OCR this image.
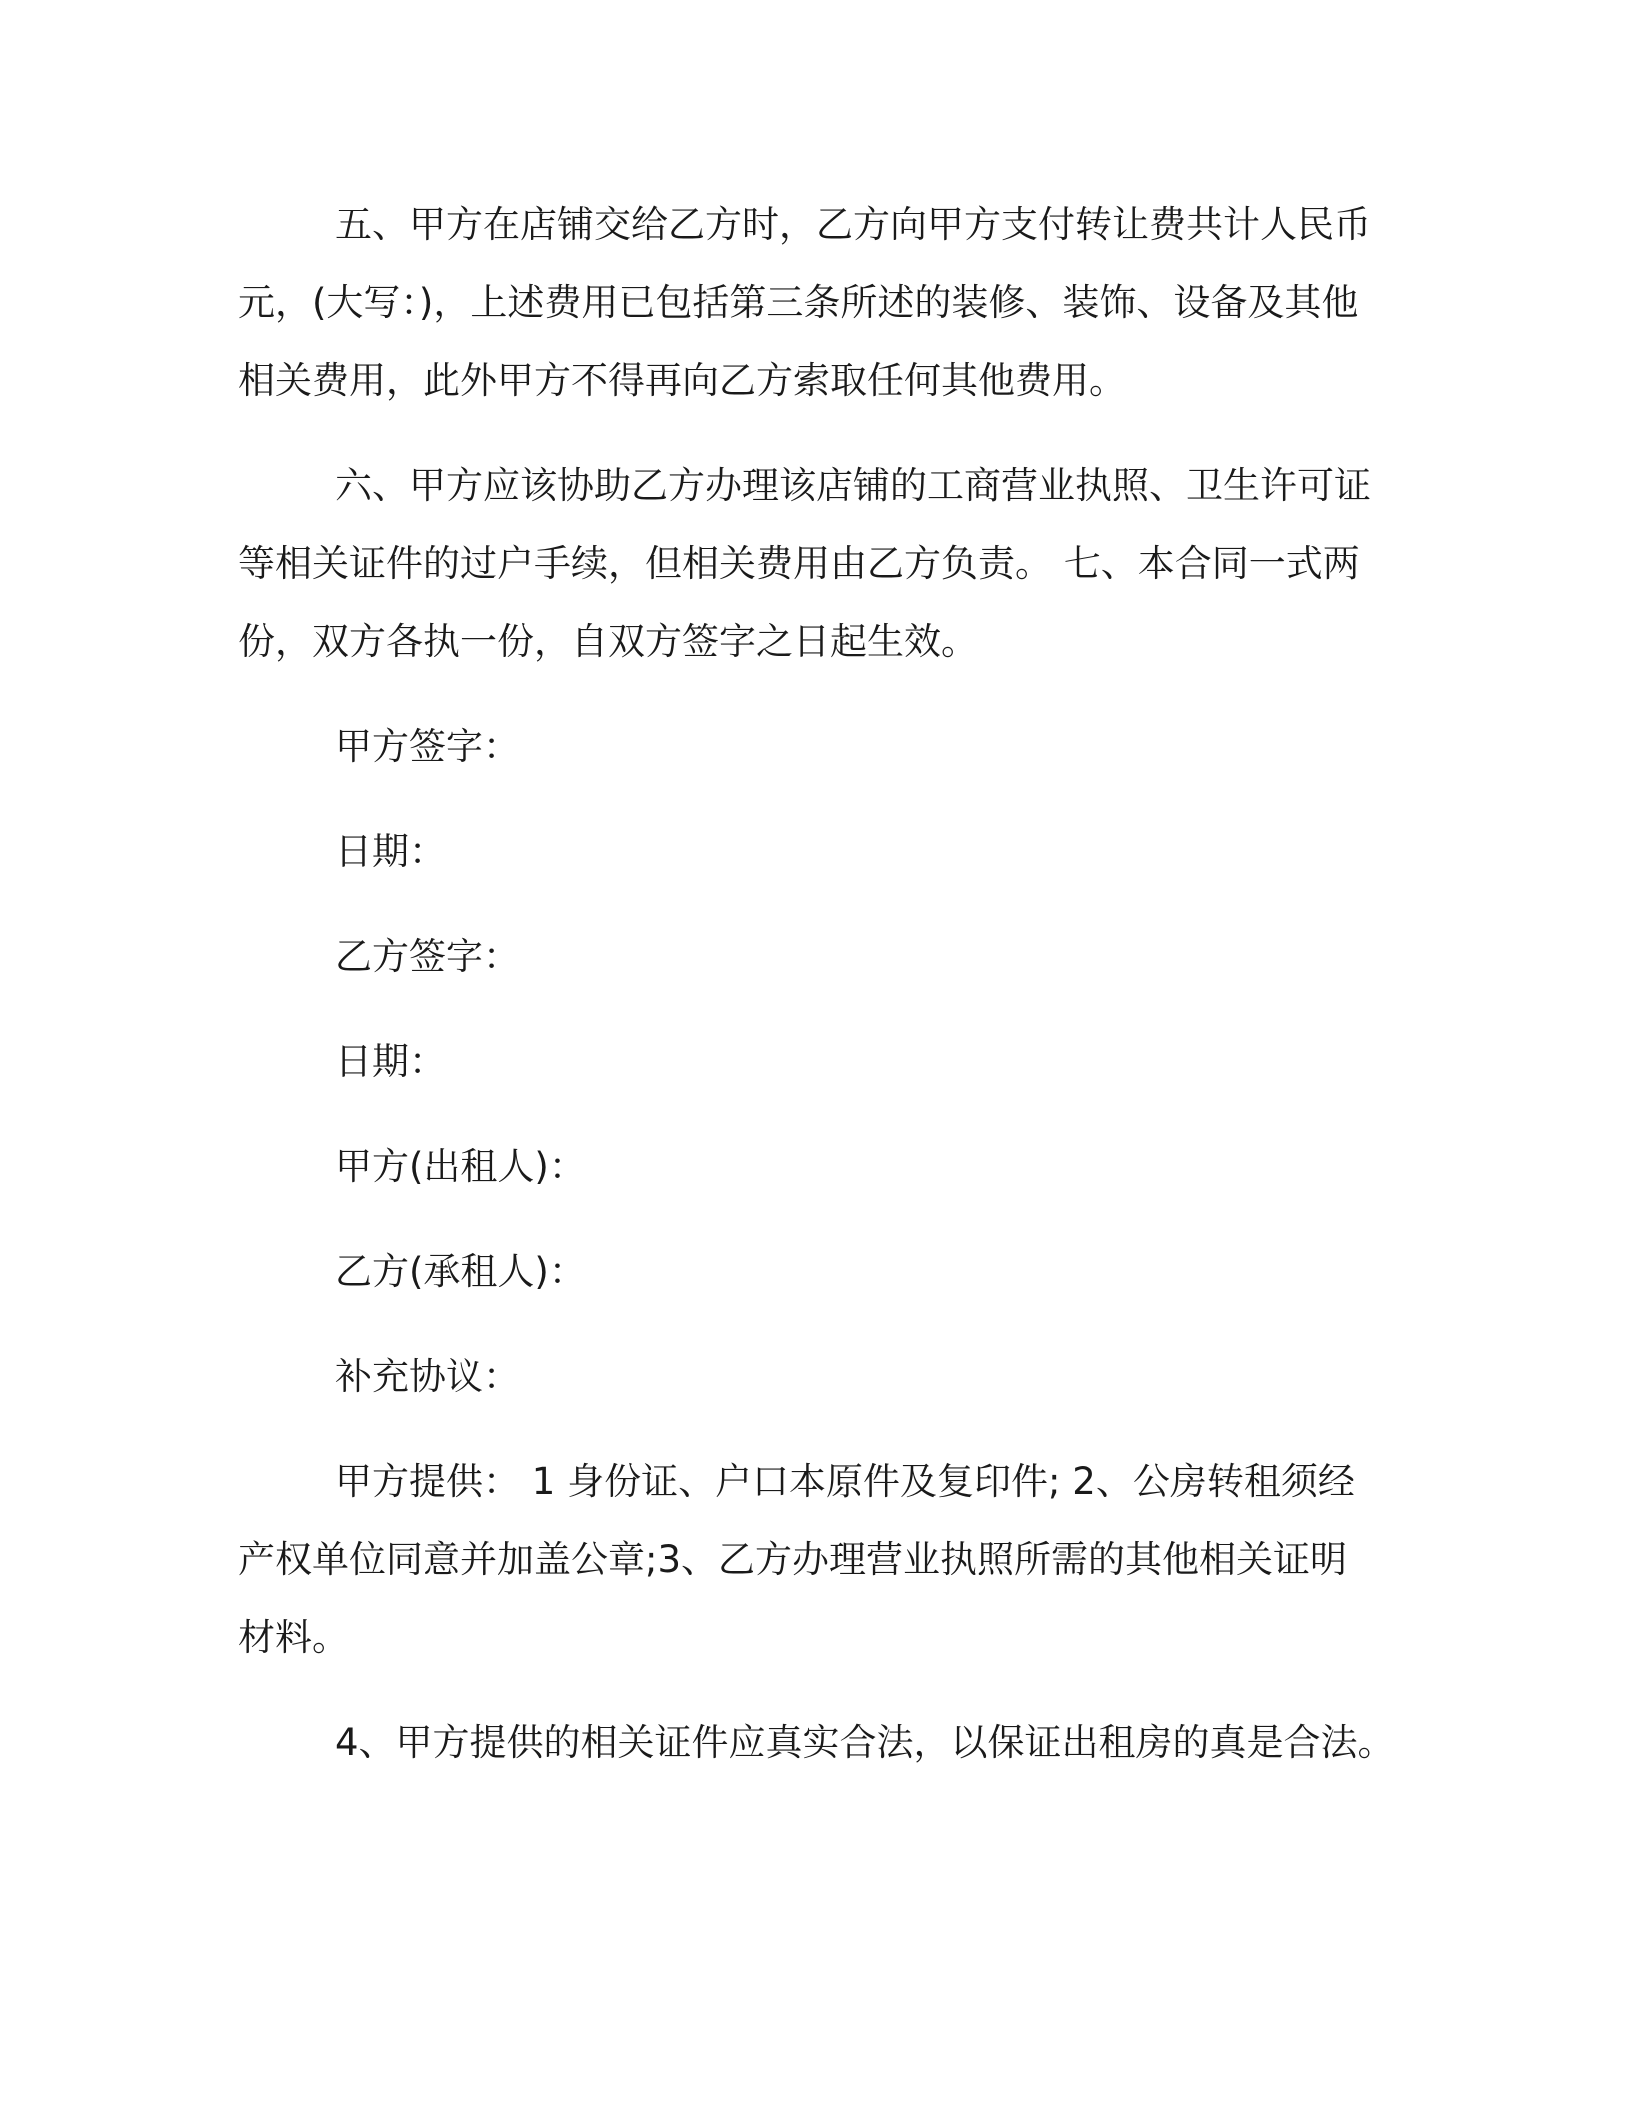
五、甲方在店铺交给乙方时，乙方向甲方支付转让费共计人民币元，(大写：)，上述费用已包括第三条所述的装修、装饰、设备及其他相关费用，此外甲方不得再向乙方索取任何其他费用。

六、甲方应该协助乙方办理该店铺的工商营业执照、卫生许可证等相关证件的过户手续，但相关费用由乙方负责。 七、本合同一式两份，双方各执一份，自双方签字之日起生效。

甲方签字：

日期：

乙方签字：

日期：

甲方(出租人)：

乙方(承租人)：

补充协议：

甲方提供： 1 身份证、户口本原件及复印件; 2、公房转租须经产权单位同意并加盖公章;3、乙方办理营业执照所需的其他相关证明材料。

4、甲方提供的相关证件应真实合法，以保证出租房的真是合法。
